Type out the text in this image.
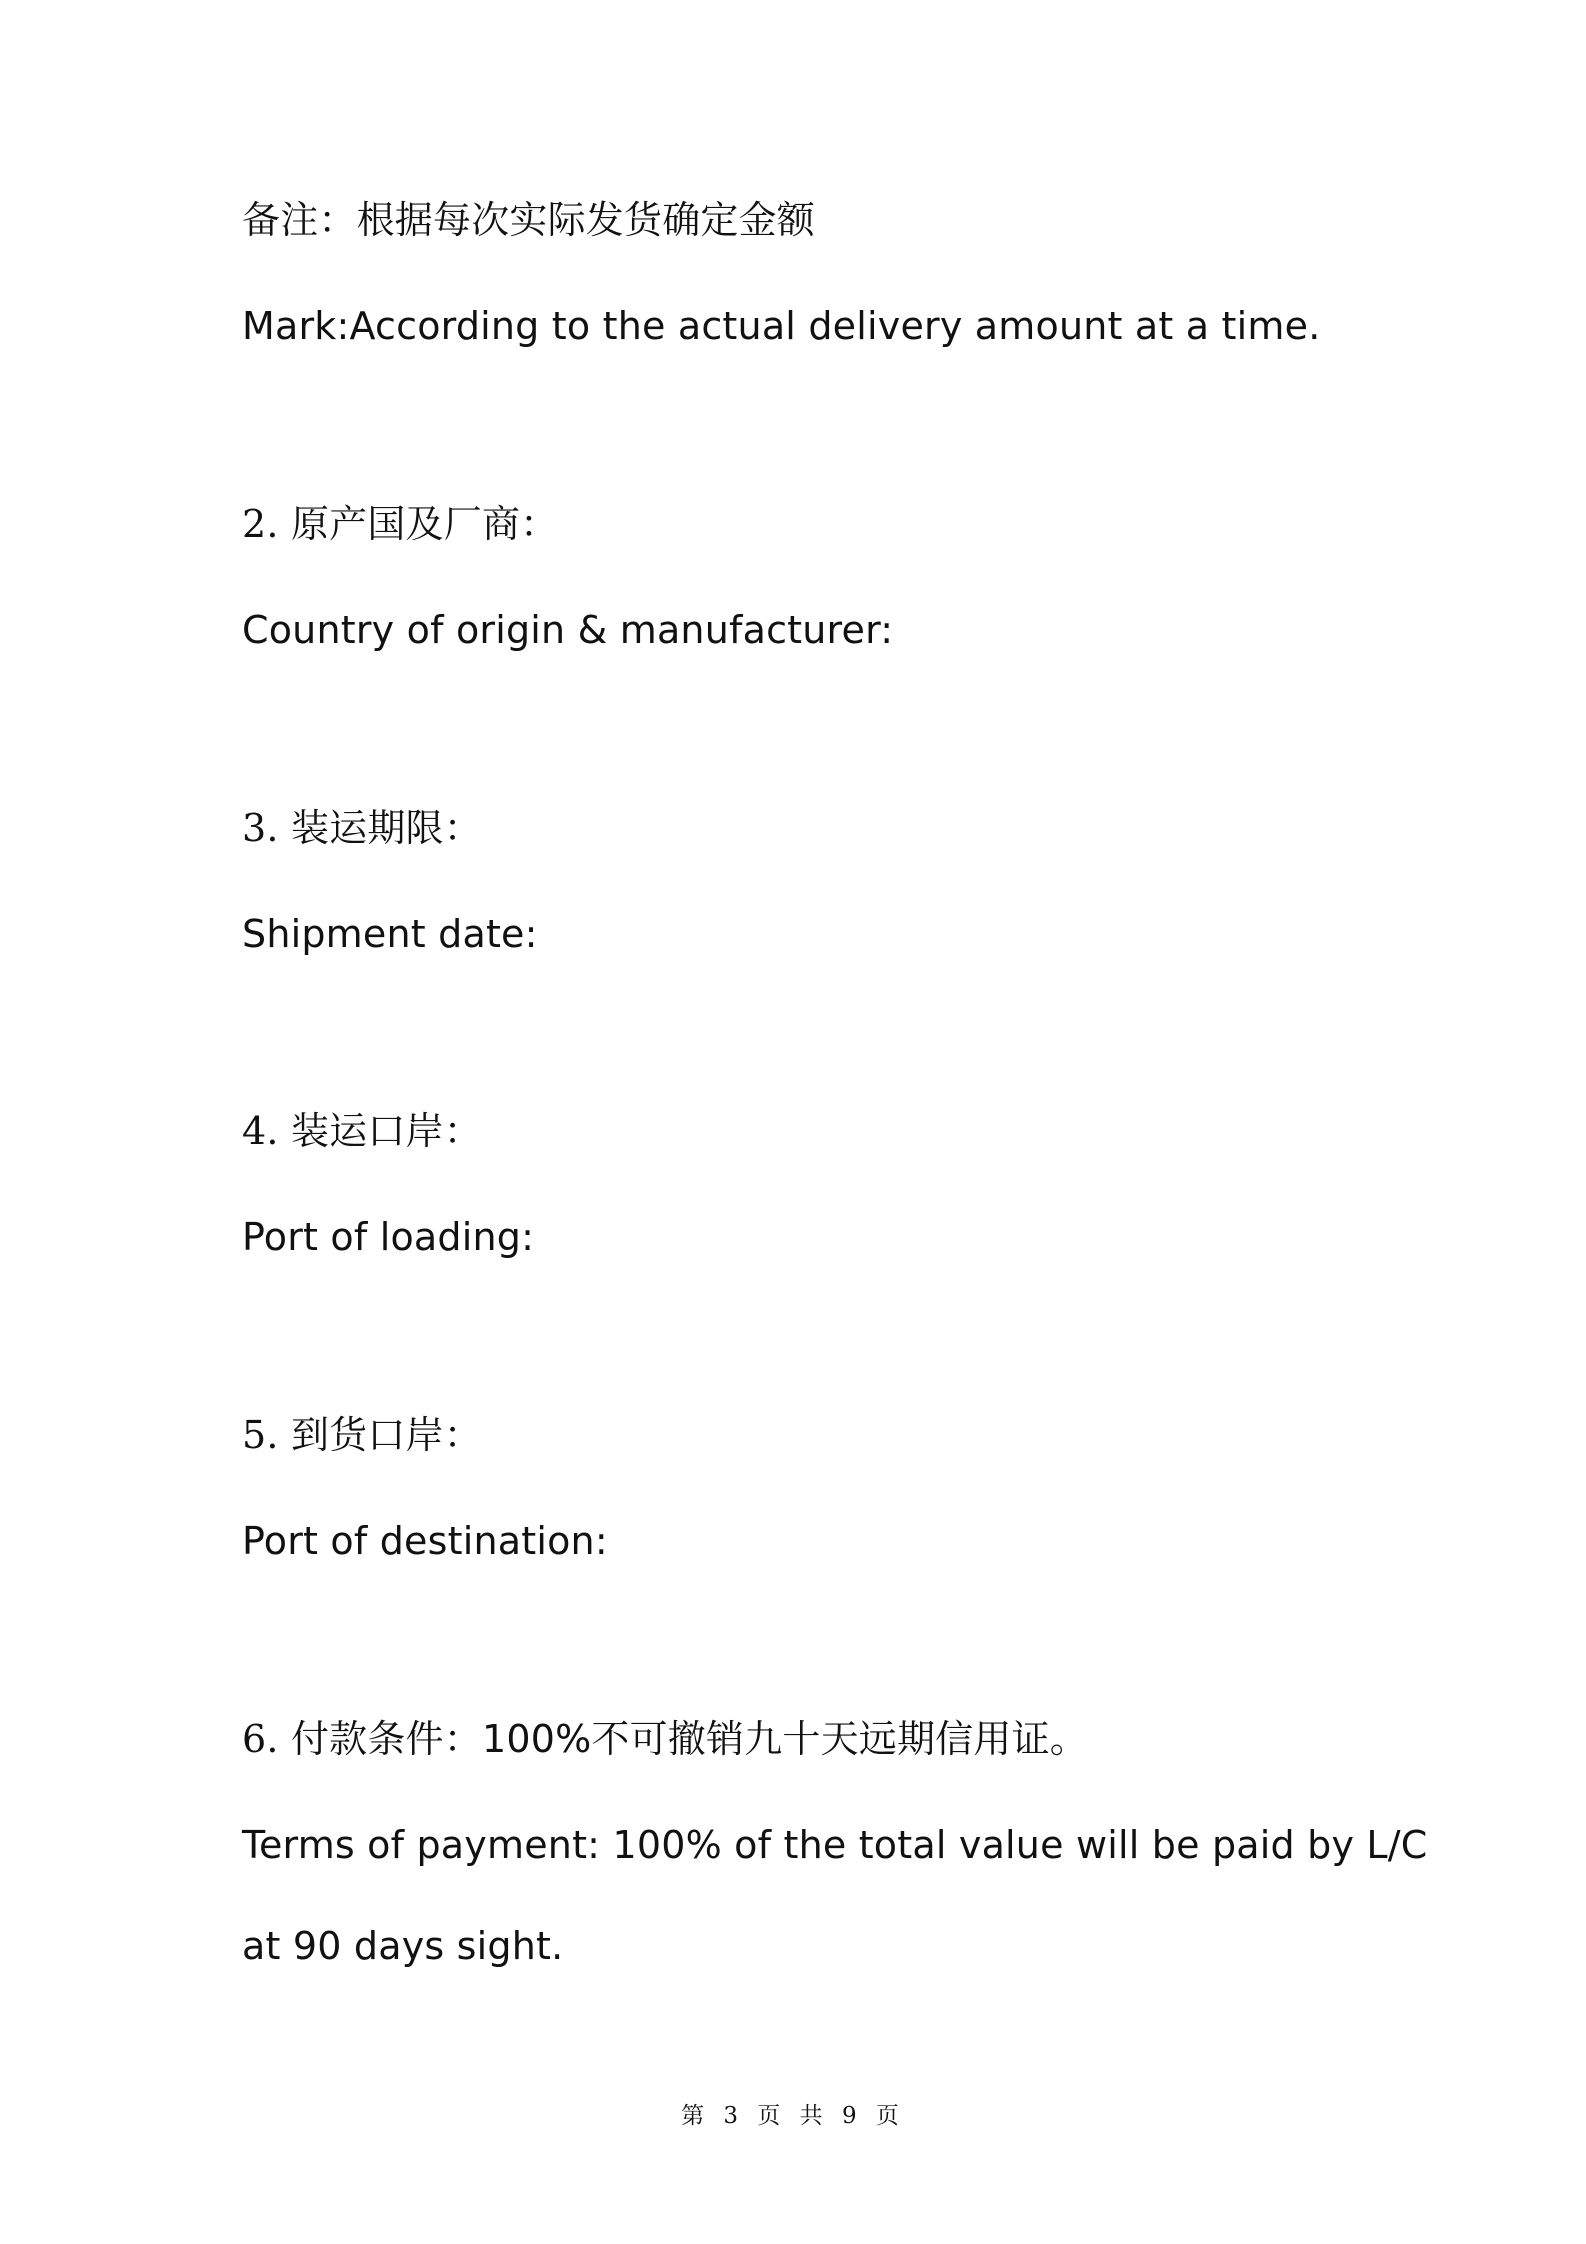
备注：根据每次实际发货确定金额
Mark:According to the actual delivery amount at a time.
2. 原产国及厂商：
Country of origin & manufacturer:
3. 装运期限：
Shipment date:
4. 装运口岸：
Port of loading:
5. 到货口岸：
Port of destination:
6. 付款条件：100%不可撤销九十天远期信用证。
Terms of payment: 100% of the total value will be paid by L/C
at 90 days sight.
第 3 页 共 9 页
